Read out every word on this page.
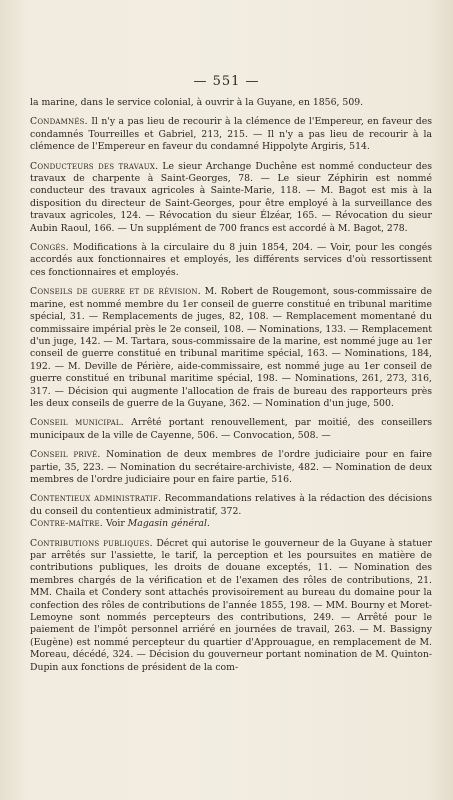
— 551 —

la marine, dans le service colonial, à ouvrir à la Guyane, en 1856, 509.

Condamnés. Il n'y a pas lieu de recourir à la clémence de l'Empereur, en faveur des condamnés Tourreilles et Gabriel, 213, 215. — Il n'y a pas lieu de recourir à la clémence de l'Empereur en faveur du condamné Hippolyte Argiris, 514.

Conducteurs des travaux. Le sieur Archange Duchêne est nommé conducteur des travaux de charpente à Saint-Georges, 78. — Le sieur Zéphirin est nommé conducteur des travaux agricoles à Sainte-Marie, 118. — M. Bagot est mis à la disposition du directeur de Saint-Georges, pour être employé à la surveillance des travaux agricoles, 124. — Révocation du sieur Élzéar, 165. — Révocation du sieur Aubin Raoul, 166. — Un supplément de 700 francs est accordé à M. Bagot, 278.

Congés. Modifications à la circulaire du 8 juin 1854, 204. — Voir, pour les congés accordés aux fonctionnaires et employés, les différents services d'où ressortissent ces fonctionnaires et employés.

Conseils de guerre et de révision. M. Robert de Rougemont, sous-commissaire de marine, est nommé membre du 1er conseil de guerre constitué en tribunal maritime spécial, 31. — Remplacements de juges, 82, 108. — Remplacement momentané du commissaire impérial près le 2e conseil, 108. — Nominations, 133. — Remplacement d'un juge, 142. — M. Tartara, sous-commissaire de la marine, est nommé juge au 1er conseil de guerre constitué en tribunal maritime spécial, 163. — Nominations, 184, 192. — M. Deville de Périère, aide-commissaire, est nommé juge au 1er conseil de guerre constitué en tribunal maritime spécial, 198. — Nominations, 261, 273, 316, 317. — Décision qui augmente l'allocation de frais de bureau des rapporteurs près les deux conseils de guerre de la Guyane, 362. — Nomination d'un juge, 500.

Conseil municipal. Arrêté portant renouvellement, par moitié, des conseillers municipaux de la ville de Cayenne, 506. — Convocation, 508. —

Conseil privé. Nomination de deux membres de l'ordre judiciaire pour en faire partie, 35, 223. — Nomination du secrétaire-archiviste, 482. — Nomination de deux membres de l'ordre judiciaire pour en faire partie, 516.

Contentieux administratif. Recommandations relatives à la rédaction des décisions du conseil du contentieux administratif, 372.

Contre-maître. Voir Magasin général.

Contributions publiques. Décret qui autorise le gouverneur de la Guyane à statuer par arrêtés sur l'assiette, le tarif, la perception et les poursuites en matière de contributions publiques, les droits de douane exceptés, 11. — Nomination des membres chargés de la vérification et de l'examen des rôles de contributions, 21. MM. Chaila et Condery sont attachés provisoirement au bureau du domaine pour la confection des rôles de contributions de l'année 1855, 198. — MM. Bourny et Moret-Lemoyne sont nommés percepteurs des contributions, 249. — Arrêté pour le paiement de l'impôt personnel arriéré en journées de travail, 263. — M. Bassigny (Eugène) est nommé percepteur du quartier d'Approuague, en remplacement de M. Moreau, décédé, 324. — Décision du gouverneur portant nomination de M. Quinton-Dupin aux fonctions de président de la com-
